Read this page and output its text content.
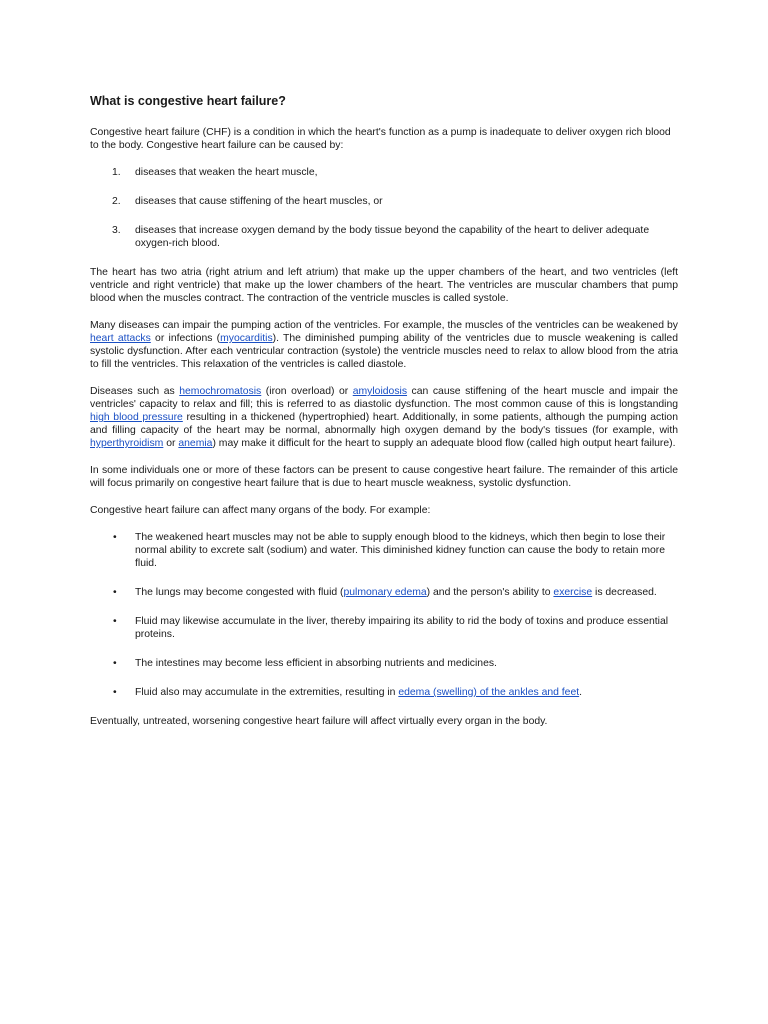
What is congestive heart failure?

Congestive heart failure (CHF) is a condition in which the heart's function as a pump is inadequate to deliver oxygen rich blood to the body. Congestive heart failure can be caused by:

1. diseases that weaken the heart muscle,
2. diseases that cause stiffening of the heart muscles, or
3. diseases that increase oxygen demand by the body tissue beyond the capability of the heart to deliver adequate oxygen-rich blood.

The heart has two atria (right atrium and left atrium) that make up the upper chambers of the heart, and two ventricles (left ventricle and right ventricle) that make up the lower chambers of the heart. The ventricles are muscular chambers that pump blood when the muscles contract. The contraction of the ventricle muscles is called systole.

Many diseases can impair the pumping action of the ventricles. For example, the muscles of the ventricles can be weakened by heart attacks or infections (myocarditis). The diminished pumping ability of the ventricles due to muscle weakening is called systolic dysfunction. After each ventricular contraction (systole) the ventricle muscles need to relax to allow blood from the atria to fill the ventricles. This relaxation of the ventricles is called diastole.

Diseases such as hemochromatosis (iron overload) or amyloidosis can cause stiffening of the heart muscle and impair the ventricles' capacity to relax and fill; this is referred to as diastolic dysfunction. The most common cause of this is longstanding high blood pressure resulting in a thickened (hypertrophied) heart. Additionally, in some patients, although the pumping action and filling capacity of the heart may be normal, abnormally high oxygen demand by the body's tissues (for example, with hyperthyroidism or anemia) may make it difficult for the heart to supply an adequate blood flow (called high output heart failure).

In some individuals one or more of these factors can be present to cause congestive heart failure. The remainder of this article will focus primarily on congestive heart failure that is due to heart muscle weakness, systolic dysfunction.

Congestive heart failure can affect many organs of the body. For example:

• The weakened heart muscles may not be able to supply enough blood to the kidneys, which then begin to lose their normal ability to excrete salt (sodium) and water. This diminished kidney function can cause the body to retain more fluid.
• The lungs may become congested with fluid (pulmonary edema) and the person's ability to exercise is decreased.
• Fluid may likewise accumulate in the liver, thereby impairing its ability to rid the body of toxins and produce essential proteins.
• The intestines may become less efficient in absorbing nutrients and medicines.
• Fluid also may accumulate in the extremities, resulting in edema (swelling) of the ankles and feet.

Eventually, untreated, worsening congestive heart failure will affect virtually every organ in the body.
